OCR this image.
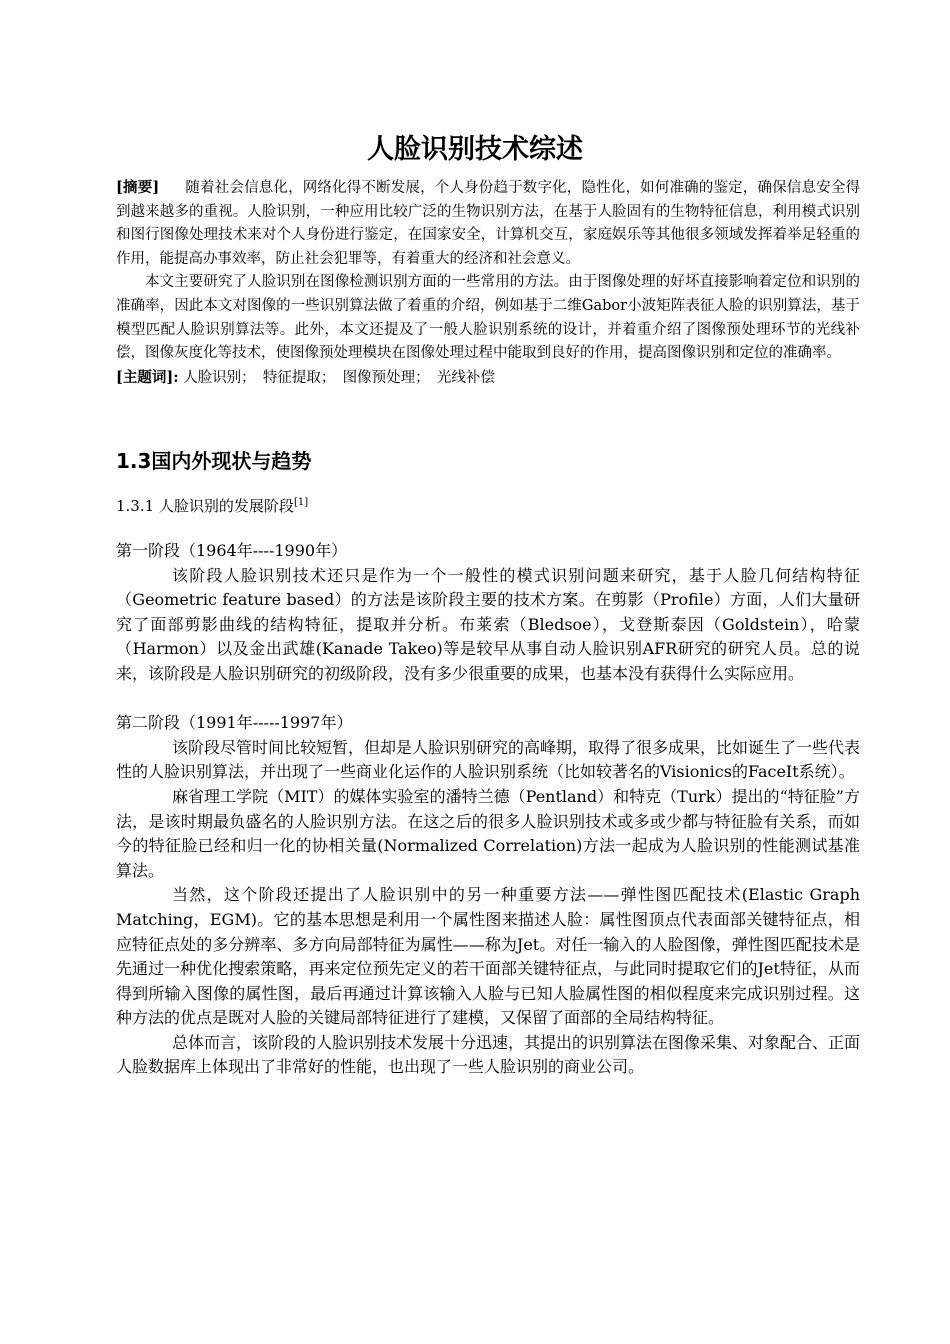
人脸识别技术综述

[摘要] 随着社会信息化，网络化得不断发展，个人身份趋于数字化，隐性化，如何准确的鉴定，确保信息安全得到越来越多的重视。人脸识别，一种应用比较广泛的生物识别方法，在基于人脸固有的生物特征信息，利用模式识别和图行图像处理技术来对个人身份进行鉴定，在国家安全，计算机交互，家庭娱乐等其他很多领域发挥着举足轻重的作用，能提高办事效率，防止社会犯罪等，有着重大的经济和社会意义。

本文主要研究了人脸识别在图像检测识别方面的一些常用的方法。由于图像处理的好坏直接影响着定位和识别的准确率，因此本文对图像的一些识别算法做了着重的介绍，例如基于二维Gabor小波矩阵表征人脸的识别算法，基于模型匹配人脸识别算法等。此外，本文还提及了一般人脸识别系统的设计，并着重介绍了图像预处理环节的光线补偿，图像灰度化等技术，使图像预处理模块在图像处理过程中能取到良好的作用，提高图像识别和定位的准确率。

[主题词]: 人脸识别；　特征提取；　图像预处理；　光线补偿

1.3国内外现状与趋势
1.3.1 人脸识别的发展阶段[1]

第一阶段（1964年----1990年）

该阶段人脸识别技术还只是作为一个一般性的模式识别问题来研究，基于人脸几何结构特征（Geometric feature based）的方法是该阶段主要的技术方案。在剪影（Profile）方面，人们大量研究了面部剪影曲线的结构特征，提取并分析。布莱索（Bledsoe），戈登斯泰因（Goldstein），哈蒙（Harmon）以及金出武雄(Kanade Takeo)等是较早从事自动人脸识别AFR研究的研究人员。总的说来，该阶段是人脸识别研究的初级阶段，没有多少很重要的成果，也基本没有获得什么实际应用。

第二阶段（1991年-----1997年）

该阶段尽管时间比较短暂，但却是人脸识别研究的高峰期，取得了很多成果，比如诞生了一些代表性的人脸识别算法，并出现了一些商业化运作的人脸识别系统（比如较著名的Visionics的FaceIt系统）。

麻省理工学院（MIT）的媒体实验室的潘特兰德（Pentland）和特克（Turk）提出的“特征脸”方法，是该时期最负盛名的人脸识别方法。在这之后的很多人脸识别技术或多或少都与特征脸有关系，而如今的特征脸已经和归一化的协相关量(Normalized Correlation)方法一起成为人脸识别的性能测试基准算法。

当然，这个阶段还提出了人脸识别中的另一种重要方法——弹性图匹配技术(Elastic Graph Matching，EGM)。它的基本思想是利用一个属性图来描述人脸：属性图顶点代表面部关键特征点，相应特征点处的多分辨率、多方向局部特征为属性——称为Jet。对任一输入的人脸图像，弹性图匹配技术是先通过一种优化搜索策略，再来定位预先定义的若干面部关键特征点，与此同时提取它们的Jet特征，从而得到所输入图像的属性图，最后再通过计算该输入人脸与已知人脸属性图的相似程度来完成识别过程。这种方法的优点是既对人脸的关键局部特征进行了建模，又保留了面部的全局结构特征。

总体而言，该阶段的人脸识别技术发展十分迅速，其提出的识别算法在图像采集、对象配合、正面人脸数据库上体现出了非常好的性能，也出现了一些人脸识别的商业公司。
